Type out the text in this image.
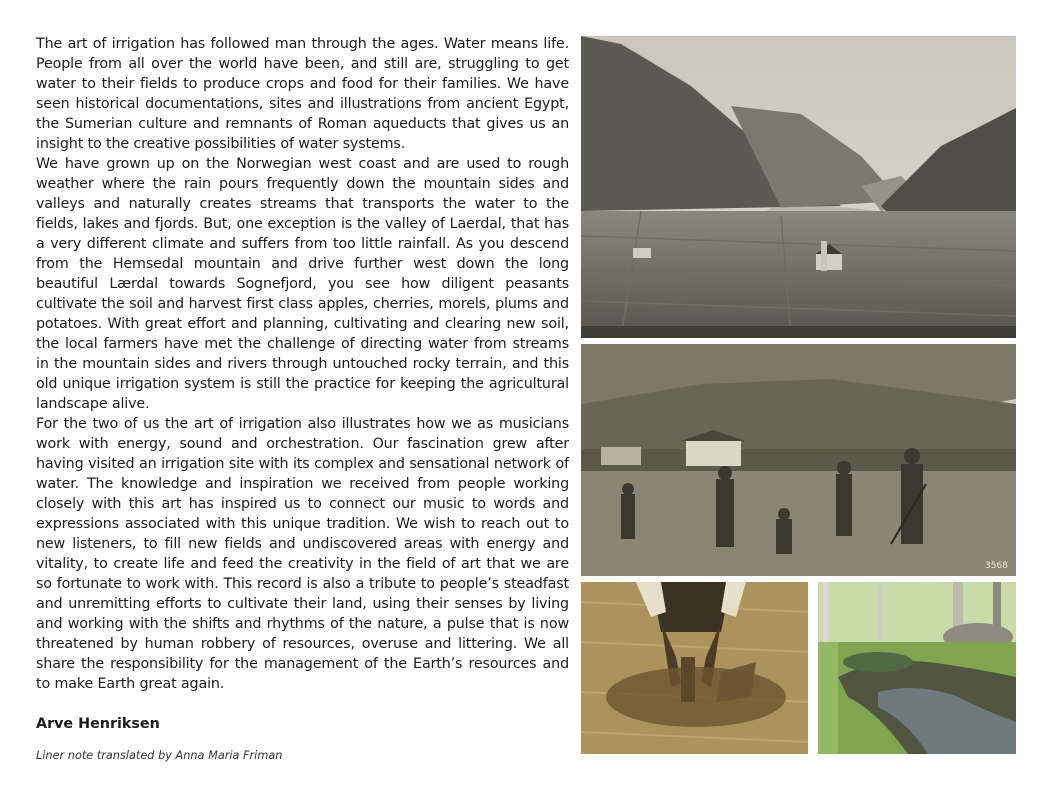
The art of irrigation has followed man through the ages. Water means life. People from all over the world have been, and still are, struggling to get water to their fields to produce crops and food for their families. We have seen historical documentations, sites and illustrations from ancient Egypt, the Sumerian culture and remnants of Roman aqueducts that gives us an insight to the creative possibilities of water systems.

We have grown up on the Norwegian west coast and are used to rough weather where the rain pours frequently down the mountain sides and valleys and naturally creates streams that transports the water to the fields, lakes and fjords. But, one exception is the valley of Laerdal, that has a very different climate and suffers from too little rainfall. As you descend from the Hemsedal mountain and drive further west down the long beautiful Lærdal towards Sognefjord, you see how diligent peasants cultivate the soil and harvest first class apples, cherries, morels, plums and potatoes. With great effort and planning, cultivating and clearing new soil, the local farmers have met the challenge of directing water from streams in the mountain sides and rivers through untouched rocky terrain, and this old unique irrigation system is still the practice for keeping the agricultural landscape alive.

For the two of us the art of irrigation also illustrates how we as musicians work with energy, sound and orchestration. Our fascination grew after having visited an irrigation site with its complex and sensational network of water. The knowledge and inspiration we received from people working closely with this art has inspired us to connect our music to words and expressions associated with this unique tradition. We wish to reach out to new listeners, to fill new fields and undiscovered areas with energy and vitality, to create life and feed the creativity in the field of art that we are so fortunate to work with. This record is also a tribute to people’s steadfast and unremitting efforts to cultivate their land, using their senses by living and working with the shifts and rhythms of the nature, a pulse that is now threatened by human robbery of resources, overuse and littering. We all share the responsibility for the management of the Earth’s resources and to make Earth great again.

Arve Henriksen

Liner note translated by Anna Maria Friman

3568
